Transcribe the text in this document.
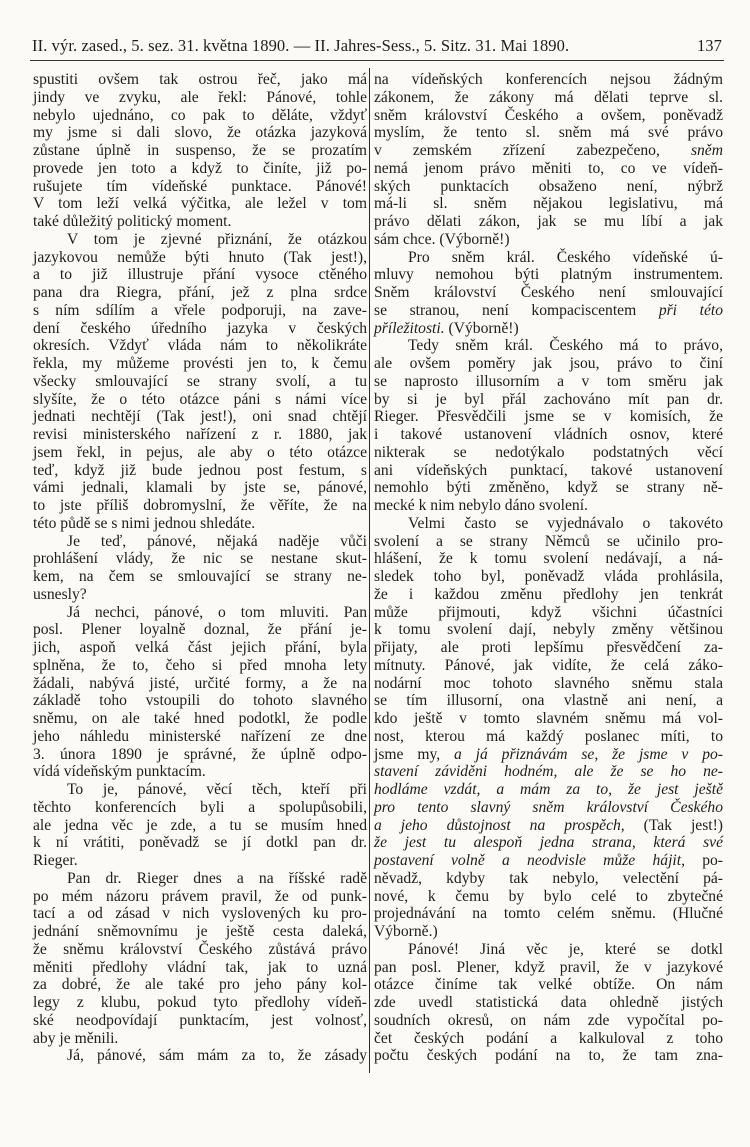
II. výr. zased., 5. sez. 31. května 1890. — II. Jahres-Sess., 5. Sitz. 31. Mai 1890.	137
spustiti ovšem tak ostrou řeč, jako má
jindy ve zvyku, ale řekl: Pánové, tohle
nebylo ujednáno, co pak to děláte, vždyť
my jsme si dali slovo, že otázka jazyková
zůstane úplně in suspenso, že se prozatím
provede jen toto a když to činíte, již po-
rušujete tím vídeňské punktace. Pánové!
V tom leží velká výčitka, ale ležel v tom
také důležitý politický moment.
V tom je zjevné přiznání, že otázkou
jazykovou nemůže býti hnuto (Tak jest!),
a to již illustruje přání vysoce ctěného
pana dra Riegra, přání, jež z plna srdce
s ním sdílím a vřele podporuji, na zave-
dení českého úředního jazyka v českých
okresích. Vždyť vláda nám to několikráte
řekla, my můžeme provésti jen to, k čemu
všecky smlouvající se strany svolí, a tu
slyšíte, že o této otázce páni s námi více
jednati nechtějí (Tak jest!), oni snad chtějí
revisi ministerského nařízení z r. 1880, jak
jsem řekl, in pejus, ale aby o této otázce
teď, když již bude jednou post festum, s
vámi jednali, klamali by jste se, pánové,
to jste příliš dobromyslní, že věříte, že na
této půdě se s nimi jednou shledáte.
Je teď, pánové, nějaká naděje vůči
prohlášení vlády, že nic se nestane skut-
kem, na čem se smlouvající se strany ne-
usnesly?
Já nechci, pánové, o tom mluviti. Pan
posl. Plener loyalně doznal, že přání je-
jich, aspoň velká část jejich přání, byla
splněna, že to, čeho si před mnoha lety
žádali, nabývá jisté, určité formy, a že na
základě toho vstoupili do tohoto slavného
sněmu, on ale také hned podotkl, že podle
jeho náhledu ministerské nařízení ze dne
3. února 1890 je správné, že úplně odpo-
vídá vídeňským punktacím.
To je, pánové, věcí těch, kteří při
těchto konferencích byli a spolupůsobili,
ale jedna věc je zde, a tu se musím hned
k ní vrátiti, poněvadž se jí dotkl pan dr.
Rieger.
Pan dr. Rieger dnes a na říšské radě
po mém názoru právem pravil, že od punk-
tací a od zásad v nich vyslovených ku pro-
jednání sněmovnímu je ještě cesta daleká,
že sněmu království Českého zůstává právo
měniti předlohy vládní tak, jak to uzná
za dobré, že ale také pro jeho pány kol-
legy z klubu, pokud tyto předlohy vídeň-
ské neodpovídají punktacím, jest volnosť,
aby je měnili.
Já, pánové, sám mám za to, že zásady
na vídeňských konferencích nejsou žádným
zákonem, že zákony má dělati teprve sl.
sněm království Českého a ovšem, poněvadž
myslím, že tento sl. sněm má své právo
v zemském zřízení zabezpečeno, sněm
nemá jenom právo měniti to, co ve vídeň-
ských punktacích obsaženo není, nýbrž
má-li sl. sněm nějakou legislativu, má
právo dělati zákon, jak se mu líbí a jak
sám chce. (Výborně!)
Pro sněm král. Českého vídeňské ú-
mluvy nemohou býti platným instrumentem.
Sněm království Českého není smlouvající
se stranou, není kompaciscentem při této
příležitosti. (Výborně!)
Tedy sněm král. Českého má to právo,
ale ovšem poměry jak jsou, právo to činí
se naprosto illusorním a v tom směru jak
by si je byl přál zachováno mít pan dr.
Rieger. Přesvědčili jsme se v komisích, že
i takové ustanovení vládních osnov, které
nikterak se nedotýkalo podstatných věcí
ani vídeňských punktací, takové ustanovení
nemohlo býti změněno, když se strany ně-
mecké k nim nebylo dáno svolení.
Velmi často se vyjednávalo o takovéto
svolení a se strany Němců se učinilo pro-
hlášení, že k tomu svolení nedávají, a ná-
sledek toho byl, poněvadž vláda prohlásila,
že i každou změnu předlohy jen tenkrát
může přijmouti, když všichni účastníci
k tomu svolení dají, nebyly změny většinou
přijaty, ale proti lepšímu přesvědčení za-
mítnuty. Pánové, jak vidíte, že celá záko-
nodární moc tohoto slavného sněmu stala
se tím illusorní, ona vlastně ani není, a
kdo ještě v tomto slavném sněmu má vol-
nost, kterou má každý poslanec míti, to
jsme my, a já přiznávám se, že jsme v po-
stavení záviděni hodném, ale že se ho ne-
hodláme vzdát, a mám za to, že jest ještě
pro tento slavný sněm království Českého
a jeho důstojnost na prospěch, (Tak jest!)
že jest tu alespoň jedna strana, která své
postavení volně a neodvisle může hájit, po-
něvadž, kdyby tak nebylo, velectění pá-
nové, k čemu by bylo celé to zbytečné
projednávání na tomto celém sněmu. (Hlučné
Výborně.)
Pánové! Jiná věc je, které se dotkl
pan posl. Plener, když pravil, že v jazykové
otázce činíme tak velké obtíže. On nám
zde uvedl statistická data ohledně jistých
soudních okresů, on nám zde vypočítal po-
čet českých podání a kalkuloval z toho
počtu českých podání na to, že tam zna-
